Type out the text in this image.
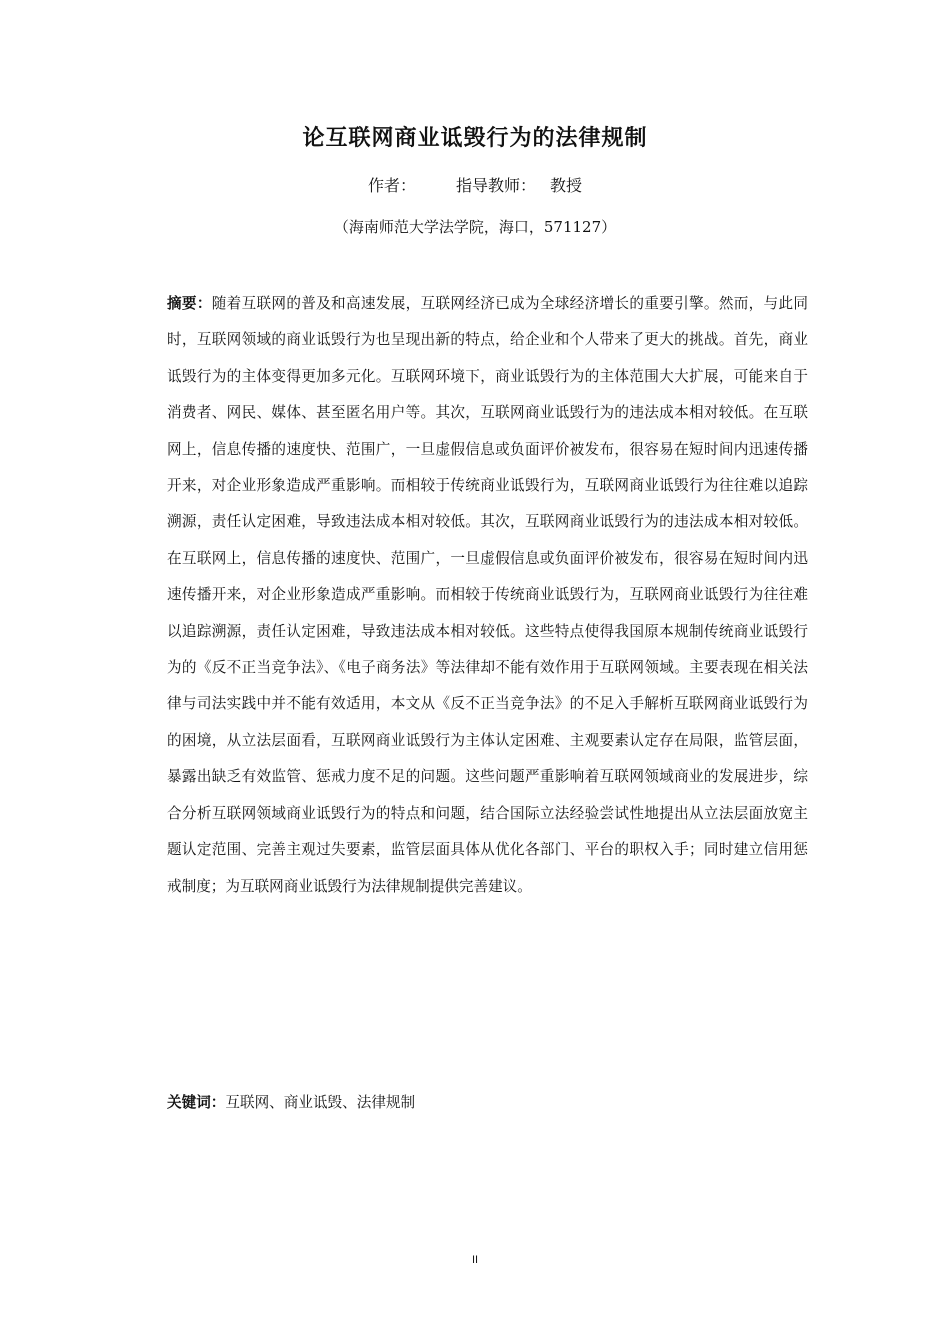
论互联网商业诋毁行为的法律规制
作者：	指导教师： 教授
（海南师范大学法学院，海口，571127）
摘要：随着互联网的普及和高速发展，互联网经济已成为全球经济增长的重要引擎。然而，与此同时，互联网领域的商业诋毁行为也呈现出新的特点，给企业和个人带来了更大的挑战。首先，商业诋毁行为的主体变得更加多元化。互联网环境下，商业诋毁行为的主体范围大大扩展，可能来自于消费者、网民、媒体、甚至匿名用户等。其次，互联网商业诋毁行为的违法成本相对较低。在互联网上，信息传播的速度快、范围广，一旦虚假信息或负面评价被发布，很容易在短时间内迅速传播开来，对企业形象造成严重影响。而相较于传统商业诋毁行为，互联网商业诋毁行为往往难以追踪溯源，责任认定困难，导致违法成本相对较低。其次，互联网商业诋毁行为的违法成本相对较低。在互联网上，信息传播的速度快、范围广，一旦虚假信息或负面评价被发布，很容易在短时间内迅速传播开来，对企业形象造成严重影响。而相较于传统商业诋毁行为，互联网商业诋毁行为往往难以追踪溯源，责任认定困难，导致违法成本相对较低。这些特点使得我国原本规制传统商业诋毁行为的《反不正当竞争法》、《电子商务法》等法律却不能有效作用于互联网领域。主要表现在相关法律与司法实践中并不能有效适用，本文从《反不正当竞争法》的不足入手解析互联网商业诋毁行为的困境，从立法层面看，互联网商业诋毁行为主体认定困难、主观要素认定存在局限，监管层面，暴露出缺乏有效监管、惩戒力度不足的问题。这些问题严重影响着互联网领域商业的发展进步，综合分析互联网领域商业诋毁行为的特点和问题，结合国际立法经验尝试性地提出从立法层面放宽主题认定范围、完善主观过失要素，监管层面具体从优化各部门、平台的职权入手；同时建立信用惩戒制度；为互联网商业诋毁行为法律规制提供完善建议。
关键词：互联网、商业诋毁、法律规制
II
